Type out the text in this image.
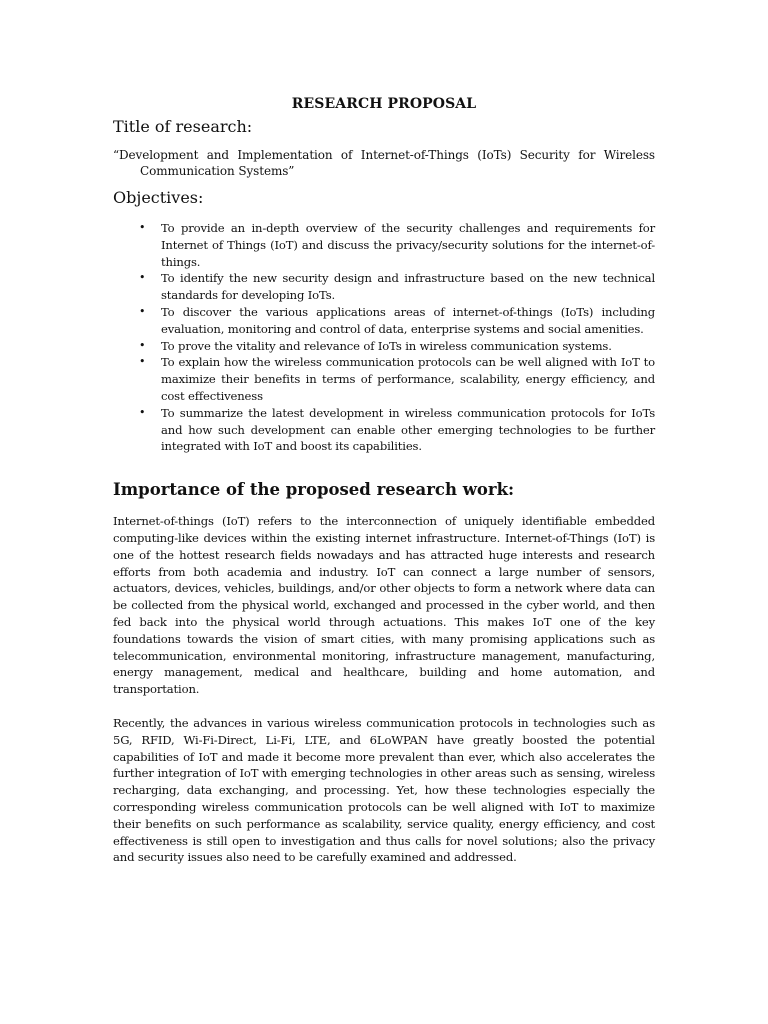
RESEARCH PROPOSAL
Title of research:

“Development and Implementation of Internet-of-Things (IoTs) Security for Wireless Communication Systems”

Objectives:
• To provide an in-depth overview of the security challenges and requirements for Internet of Things (IoT) and discuss the privacy/security solutions for the internet-of-things.
• To identify the new security design and infrastructure based on the new technical standards for developing IoTs.
• To discover the various applications areas of internet-of-things (IoTs) including evaluation, monitoring and control of data, enterprise systems and social amenities.
• To prove the vitality and relevance of IoTs in wireless communication systems.
• To explain how the wireless communication protocols can be well aligned with IoT to maximize their benefits in terms of performance, scalability, energy efficiency, and cost effectiveness
• To summarize the latest development in wireless communication protocols for IoTs and how such development can enable other emerging technologies to be further integrated with IoT and boost its capabilities.
Importance of the proposed research work:

Internet-of-things (IoT) refers to the interconnection of uniquely identifiable embedded computing-like devices within the existing internet infrastructure. Internet-of-Things (IoT) is one of the hottest research fields nowadays and has attracted huge interests and research efforts from both academia and industry. IoT can connect a large number of sensors, actuators, devices, vehicles, buildings, and/or other objects to form a network where data can be collected from the physical world, exchanged and processed in the cyber world, and then fed back into the physical world through actuations. This makes IoT one of the key foundations towards the vision of smart cities, with many promising applications such as telecommunication, environmental monitoring, infrastructure management, manufacturing, energy management, medical and healthcare, building and home automation, and transportation.

Recently, the advances in various wireless communication protocols in technologies such as 5G, RFID, Wi-Fi-Direct, Li-Fi, LTE, and 6LoWPAN have greatly boosted the potential capabilities of IoT and made it become more prevalent than ever, which also accelerates the further integration of IoT with emerging technologies in other areas such as sensing, wireless recharging, data exchanging, and processing. Yet, how these technologies especially the corresponding wireless communication protocols can be well aligned with IoT to maximize their benefits on such performance as scalability, service quality, energy efficiency, and cost effectiveness is still open to investigation and thus calls for novel solutions; also the privacy and security issues also need to be carefully examined and addressed.
